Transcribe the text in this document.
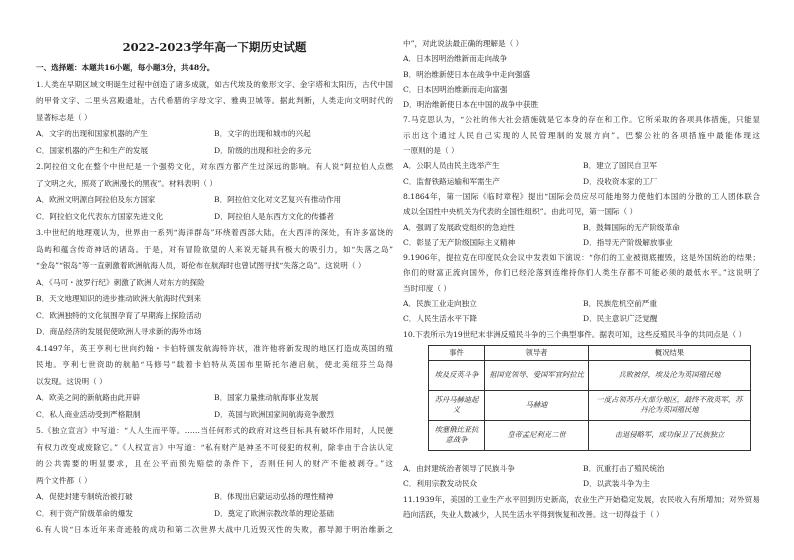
2022-2023学年高一下期历史试题
一、选择题：本题共16小题，每小题3分，共48分。
1.人类在早期区域文明诞生过程中创造了诸多成就，如古代埃及的象形文字、金字塔和太阳历，古代中国
的甲骨文字、二里头宫殿遗址，古代希腊的字母文字、雅典卫城等。据此判断，人类走向文明时代的
显著标志是（ ）
A．文字的出现和国家机器的产生	B．文字的出现和城市的兴起
C．国家机器的产生和生产的发展	D．阶级的出现和社会的多元
2.阿拉伯文化在整个中世纪是一个强势文化，对东西方都产生过深远的影响。有人说“阿拉伯人点燃
了文明之火，照亮了欧洲漫长的黑夜”。材料表明（ ）
A．欧洲文明源自阿拉伯及东方国家	B．阿拉伯文化对文艺复兴有推动作用
C．阿拉伯文化代表东方国家先进文化	D．阿拉伯人是东西方文化的传播者
3.中世纪的地理观认为，世界由一系列“海洋群岛”环绕着西部大陆，在大西洋的深处，有许多富饶的
岛屿和蕴含传奇神话的诸岛。于是，对有冒险欲望的人来说无疑具有极大的吸引力，如“失落之岛”
“金岛”“银岛”等一直刺激着欧洲航海人员，哥伦布在航海时也曾试图寻找“失落之岛”。这说明（ ）
A．《马可・波罗行纪》刺激了欧洲人对东方的探险
B．天文地理知识的进步推动欧洲大航海时代到来
C．欧洲独特的文化氛围孕育了早期海上探险活动
D．商品经济的发展促使欧洲人寻求新的海外市场
4.1497年，英王亨利七世向约翰・卡伯特颁发航海特许状，准许他将新发现的地区打造成英国的殖
民地。亨利七世资助的航船“马修号”载着卡伯特从英国布里斯托尔港启航，使北美纽芬兰岛得
以发现。这说明（ ）
A．欧美之间的新航路由此开辟	B．国家力量推动航海事业发展
C．私人商业活动受到严格限制	D．英国与欧洲国家间航海竞争激烈
5.《独立宣言》中写道：“人人生而平等。……当任何形式的政府对这些目标具有破坏作用时，人民便
有权力改变或废除它。”《人权宣言》中写道：“私有财产是神圣不可侵犯的权利，除非由于合法认定
的公共需要的明显要求，且在公平而预先赔偿的条件下，否则任何人的财产不能被剥夺。”这
两个文件都（ ）
A．促使封建专制统治被打破	B．体现出启蒙运动弘扬的理性精神
C．利于资产阶级革命的爆发	D．奠定了欧洲宗教改革的理论基础
6.有人说“日本近年来奇迹般的成功和第二次世界大战中几近毁灭性的失败，都导源于明治维新之
中”，对此说法最正确的理解是（ ）
A．日本因明治维新而走向战争
B．明治维新使日本在战争中走向强盛
C．日本因明治维新而走向富强
D．明治维新使日本在中国的战争中获胜
7.马克思认为，“公社的伟大社会措施就是它本身的存在和工作。它所采取的各项具体措施，只能显
示出这个通过人民自己实现的人民管理制的发展方向”。巴黎公社的各项措施中最能体现这
一原则的是（ ）
A．公职人员由民主选举产生	B．建立了国民自卫军
C．监督铁路运输和军需生产	D．没收资本家的工厂
8.1864年，第一国际《临时章程》提出“国际会员应尽可能地努力使他们本国的分散的工人团体联合
成以全国性中央机关为代表的全国性组织”。由此可见，第一国际（ ）
A．强调了发展政党组织的急迫性	B．鼓舞国际的无产阶级革命
C．彰显了无产阶级国际主义精神	D．指导无产阶级解放事业
9.1906年，提拉克在印度民众会议中发表如下演说：“你们的工业被彻底摧毁，这是外国统治的结果；
你们的财富正流向国外，你们已经沦落到连维持你们人类生存都不可能必须的最低水平。”这说明了
当时印度（ ）
A．民族工业走向独立	B．民族危机空前严重
C．人民生活水平下降	D．民主意识广泛觉醒
10.下表所示为19世纪末非洲反殖民斗争的三个典型事件。据表可知，这些反殖民斗争的共同点是（ ）
事件	领导者	概况结果
埃及反英斗争	祖国党领导、爱国军官阿拉比	兵败被俘，埃及沦为英国殖民地
苏丹马赫迪起义	马赫迪	一度占领苏丹大部分地区，最终不敌英军，苏丹沦为英国殖民地
埃塞俄比亚抗意战争	皇帝孟尼利克二世	击退侵略军，成功保卫了民族独立
A．由封建统治者领导了民族斗争	B．沉重打击了殖民统治
C．利用宗教发动民众	D．以武装斗争为主
11.1939年，美国的工业生产水平回到历史新高，农业生产开始稳定发展，农民收入有所增加；对外贸易
趋向活跃，失业人数减少，人民生活水平得到恢复和改善。这一切得益于（ ）
